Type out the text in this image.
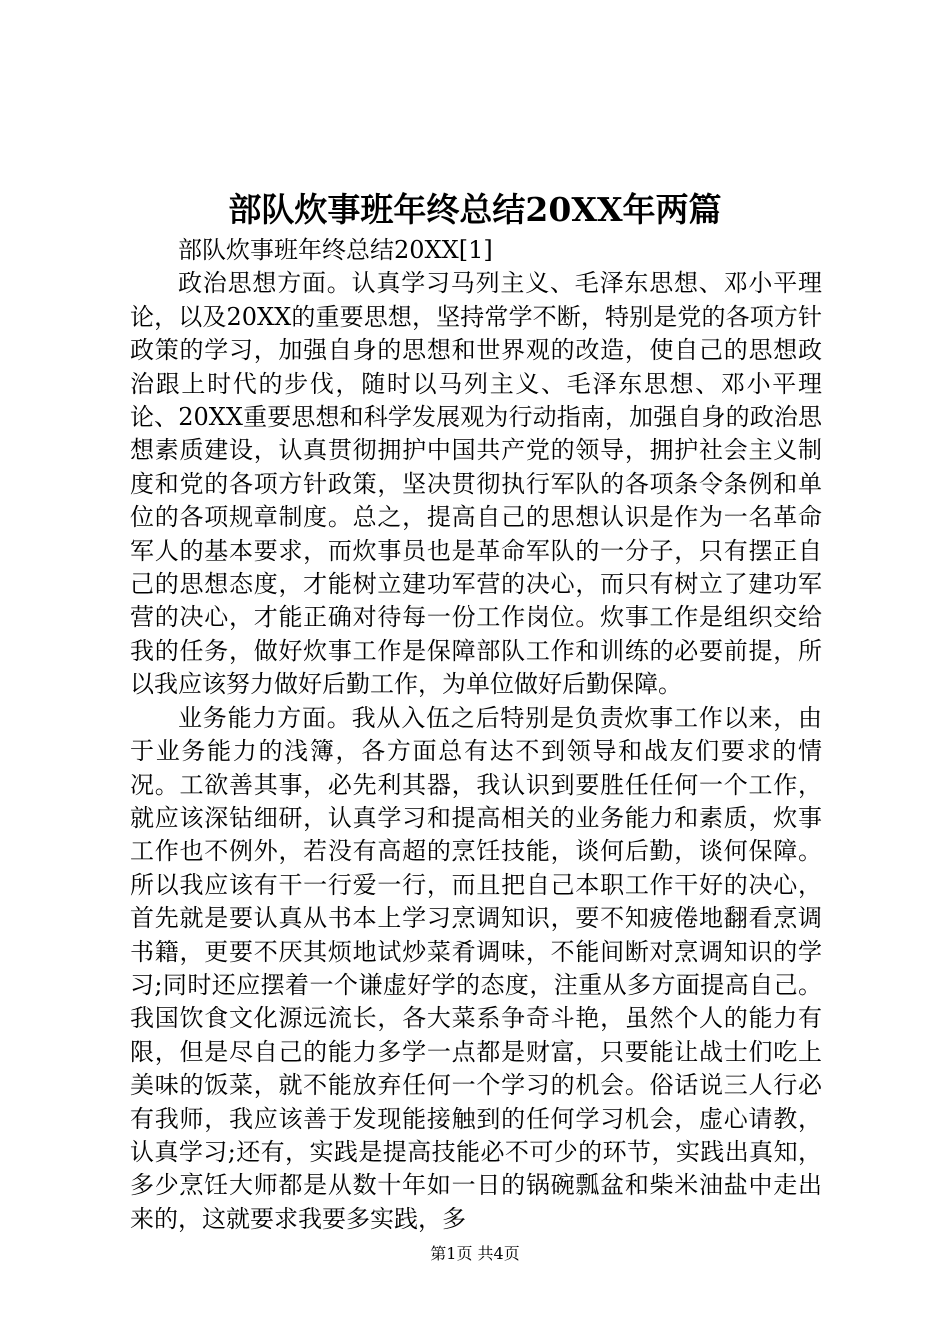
部队炊事班年终总结20XX年两篇

部队炊事班年终总结20XX[1]

政治思想方面。认真学习马列主义、毛泽东思想、邓小平理论，以及20XX的重要思想，坚持常学不断，特别是党的各项方针政策的学习，加强自身的思想和世界观的改造，使自己的思想政治跟上时代的步伐，随时以马列主义、毛泽东思想、邓小平理论、20XX重要思想和科学发展观为行动指南，加强自身的政治思想素质建设，认真贯彻拥护中国共产党的领导，拥护社会主义制度和党的各项方针政策，坚决贯彻执行军队的各项条令条例和单位的各项规章制度。总之，提高自己的思想认识是作为一名革命军人的基本要求，而炊事员也是革命军队的一分子，只有摆正自己的思想态度，才能树立建功军营的决心，而只有树立了建功军营的决心，才能正确对待每一份工作岗位。炊事工作是组织交给我的任务，做好炊事工作是保障部队工作和训练的必要前提，所以我应该努力做好后勤工作，为单位做好后勤保障。

业务能力方面。我从入伍之后特别是负责炊事工作以来，由于业务能力的浅簿，各方面总有达不到领导和战友们要求的情况。工欲善其事，必先利其器，我认识到要胜任任何一个工作，就应该深钻细研，认真学习和提高相关的业务能力和素质，炊事工作也不例外，若没有高超的烹饪技能，谈何后勤，谈何保障。所以我应该有干一行爱一行，而且把自己本职工作干好的决心，首先就是要认真从书本上学习烹调知识，要不知疲倦地翻看烹调书籍，更要不厌其烦地试炒菜肴调味，不能间断对烹调知识的学习;同时还应摆着一个谦虚好学的态度，注重从多方面提高自己。我国饮食文化源远流长，各大菜系争奇斗艳，虽然个人的能力有限，但是尽自己的能力多学一点都是财富，只要能让战士们吃上美味的饭菜，就不能放弃任何一个学习的机会。俗话说三人行必有我师，我应该善于发现能接触到的任何学习机会，虚心请教，认真学习;还有，实践是提高技能必不可少的环节，实践出真知，多少烹饪大师都是从数十年如一日的锅碗瓢盆和柴米油盐中走出来的，这就要求我要多实践，多

第1页 共4页
